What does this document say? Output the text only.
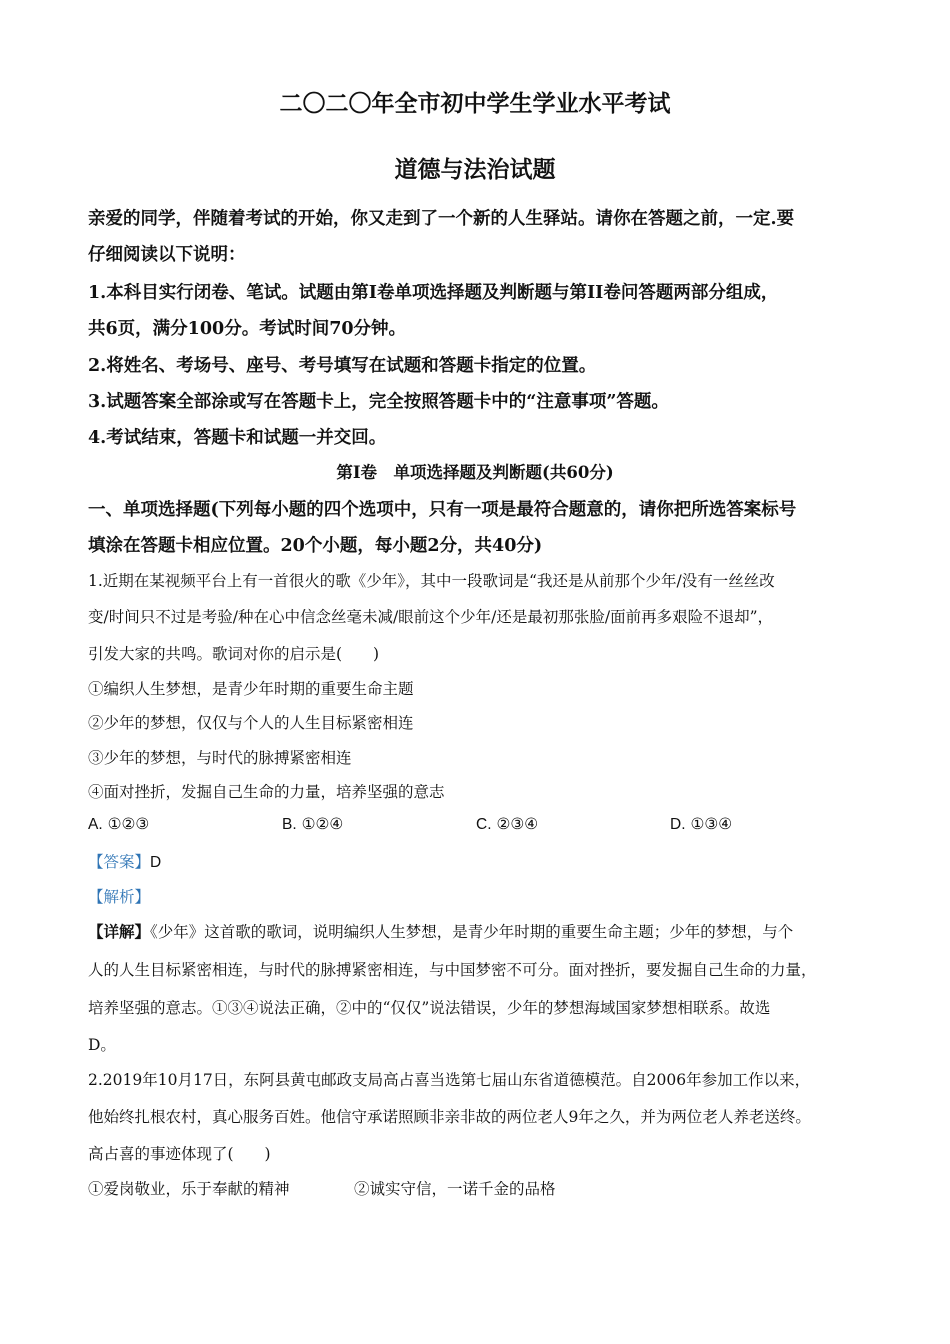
二〇二〇年全市初中学生学业水平考试
道德与法治试题
亲爱的同学，伴随着考试的开始，你又走到了一个新的人生驿站。请你在答题之前，一定.要
仔细阅读以下说明：
1.本科目实行闭卷、笔试。试题由第Ⅰ卷单项选择题及判断题与第II卷问答题两部分组成，
共6页，满分100分。考试时间70分钟。
2.将姓名、考场号、座号、考号填写在试题和答题卡指定的位置。
3.试题答案全部涂或写在答题卡上，完全按照答题卡中的“注意事项”答题。
4.考试结束，答题卡和试题一并交回。
第Ⅰ卷　单项选择题及判断题(共60分)
一、单项选择题(下列每小题的四个选项中，只有一项是最符合题意的，请你把所选答案标号
填涂在答题卡相应位置。20个小题，每小题2分，共40分)
1.近期在某视频平台上有一首很火的歌《少年》，其中一段歌词是“我还是从前那个少年/没有一丝丝改
变/时间只不过是考验/种在心中信念丝毫未减/眼前这个少年/还是最初那张脸/面前再多艰险不退却”，
引发大家的共鸣。歌词对你的启示是(　　)
①编织人生梦想，是青少年时期的重要生命主题
②少年的梦想，仅仅与个人的人生目标紧密相连
③少年的梦想，与时代的脉搏紧密相连
④面对挫折，发掘自己生命的力量，培养坚强的意志
A. ①②③	B. ①②④	C. ②③④	D. ①③④
【答案】D
【解析】
【详解】《少年》这首歌的歌词，说明编织人生梦想，是青少年时期的重要生命主题；少年的梦想，与个
人的人生目标紧密相连，与时代的脉搏紧密相连，与中国梦密不可分。面对挫折，要发掘自己生命的力量，
培养坚强的意志。①③④说法正确，②中的“仅仅”说法错误，少年的梦想海域国家梦想相联系。故选
D。
2.2019年10月17日，东阿县黄屯邮政支局高占喜当选第七届山东省道德模范。自2006年参加工作以来，
他始终扎根农村，真心服务百姓。他信守承诺照顾非亲非故的两位老人9年之久，并为两位老人养老送终。
高占喜的事迹体现了(　　)
①爱岗敬业，乐于奉献的精神	②诚实守信，一诺千金的品格
